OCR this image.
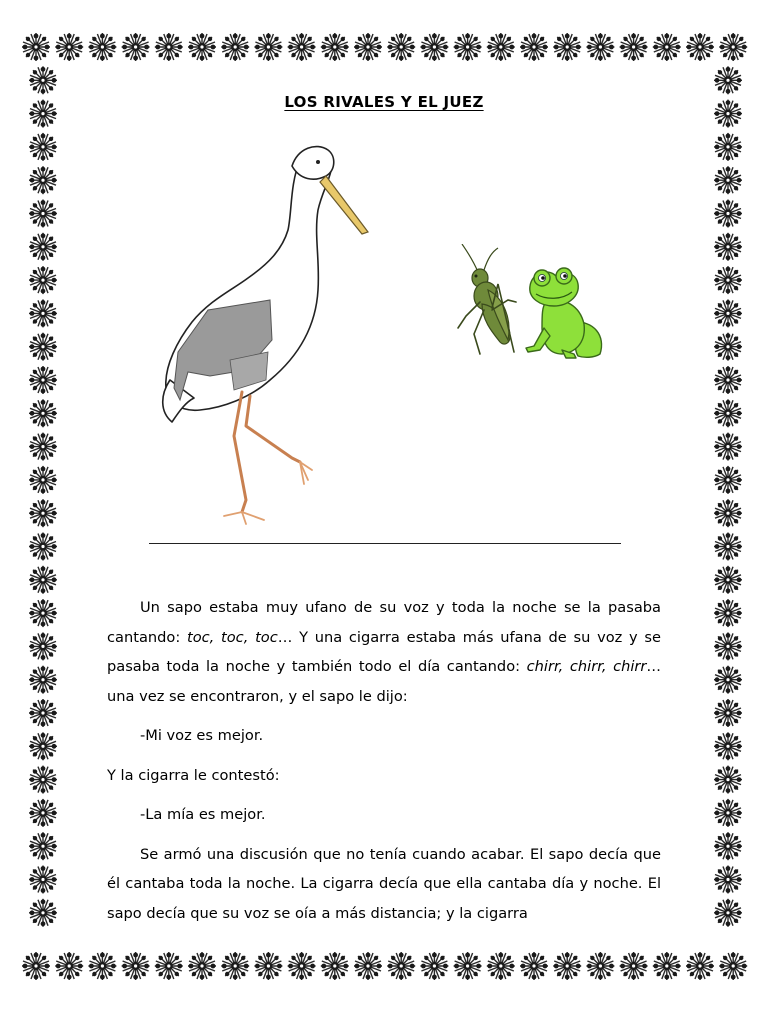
LOS RIVALES Y EL JUEZ

Un sapo estaba muy ufano de su voz y toda la noche se la pasaba cantando: toc, toc, toc… Y una cigarra estaba más ufana de su voz y se pasaba toda la noche y también todo el día cantando: chirr, chirr, chirr… una vez se encontraron, y el sapo le dijo:

-Mi voz es mejor.

Y la cigarra le contestó:

-La mía es mejor.

Se armó una discusión que no tenía cuando acabar. El sapo decía que él cantaba toda la noche. La cigarra decía que ella cantaba día y noche. El sapo decía que su voz se oía a más distancia; y la cigarra
